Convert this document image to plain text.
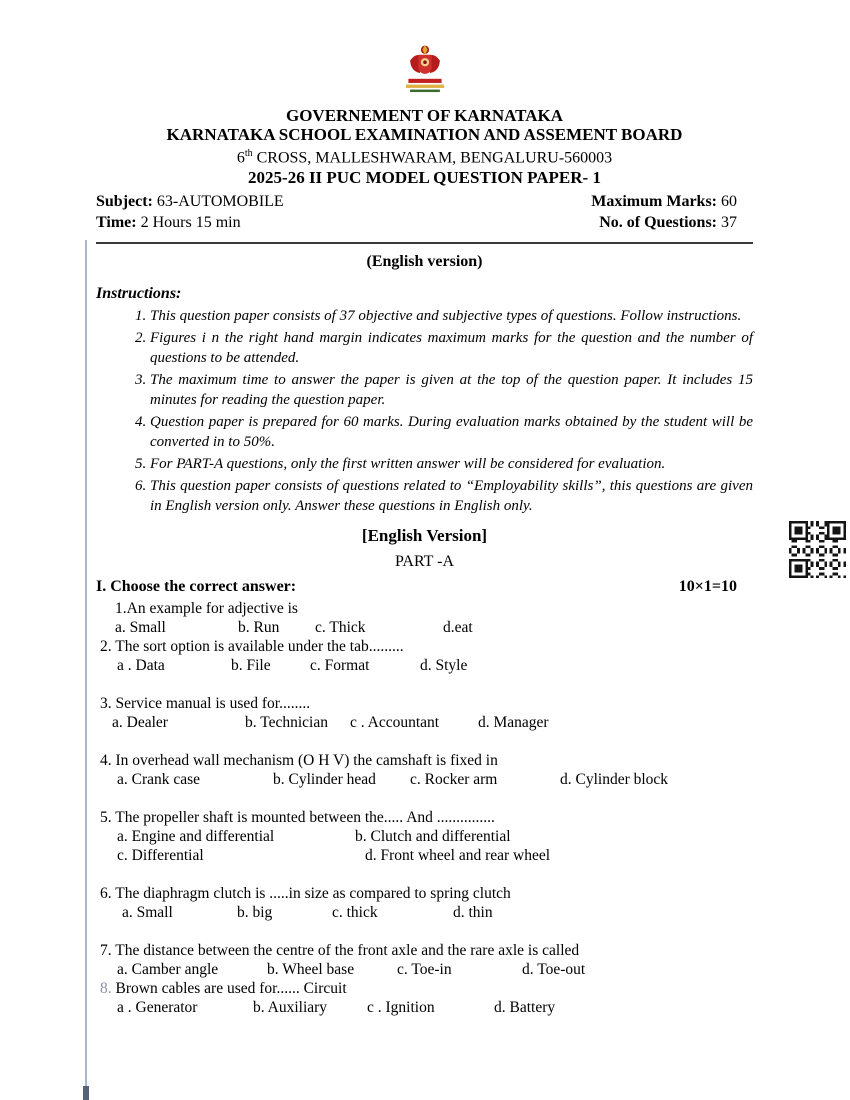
GOVERNEMENT OF KARNATAKA
KARNATAKA SCHOOL EXAMINATION AND ASSEMENT BOARD
6th CROSS, MALLESHWARAM, BENGALURU-560003
2025-26 II PUC MODEL QUESTION PAPER- 1
Subject: 63-AUTOMOBILE	Maximum Marks: 60
Time: 2 Hours 15 min	No. of Questions: 37
(English version)
Instructions:
1. This question paper consists of 37 objective and subjective types of questions. Follow instructions.
2. Figures i n the right hand margin indicates maximum marks for the question and the number of questions to be attended.
3. The maximum time to answer the paper is given at the top of the question paper. It includes 15 minutes for reading the question paper.
4. Question paper is prepared for 60 marks. During evaluation marks obtained by the student will be converted in to 50%.
5. For PART-A questions, only the first written answer will be considered for evaluation.
6. This question paper consists of questions related to “Employability skills”, this questions are given in English version only. Answer these questions in English only.
[English Version]
PART -A
I. Choose the correct answer:	10×1=10
1.An example for adjective is
a. Small	b. Run	c. Thick	d.eat
2. The sort option is available under the tab.........
a . Data	b. File	c. Format	d. Style
3. Service manual is used for........
a. Dealer	b. Technician	c . Accountant	d. Manager
4. In overhead wall mechanism (O H V) the camshaft is fixed in
a. Crank case	b. Cylinder head	c. Rocker arm	d. Cylinder block
5. The propeller shaft is mounted between the..... And ...............
a. Engine and differential	b. Clutch and differential
c. Differential	d. Front wheel and rear wheel
6. The diaphragm clutch is .....in size as compared to spring clutch
a. Small	b. big	c. thick	d. thin
7. The distance between the centre of the front axle and the rare axle is called
a. Camber angle	b. Wheel base	c. Toe-in	d. Toe-out
8. Brown cables are used for...... Circuit
a . Generator	b. Auxiliary	c . Ignition	d. Battery
